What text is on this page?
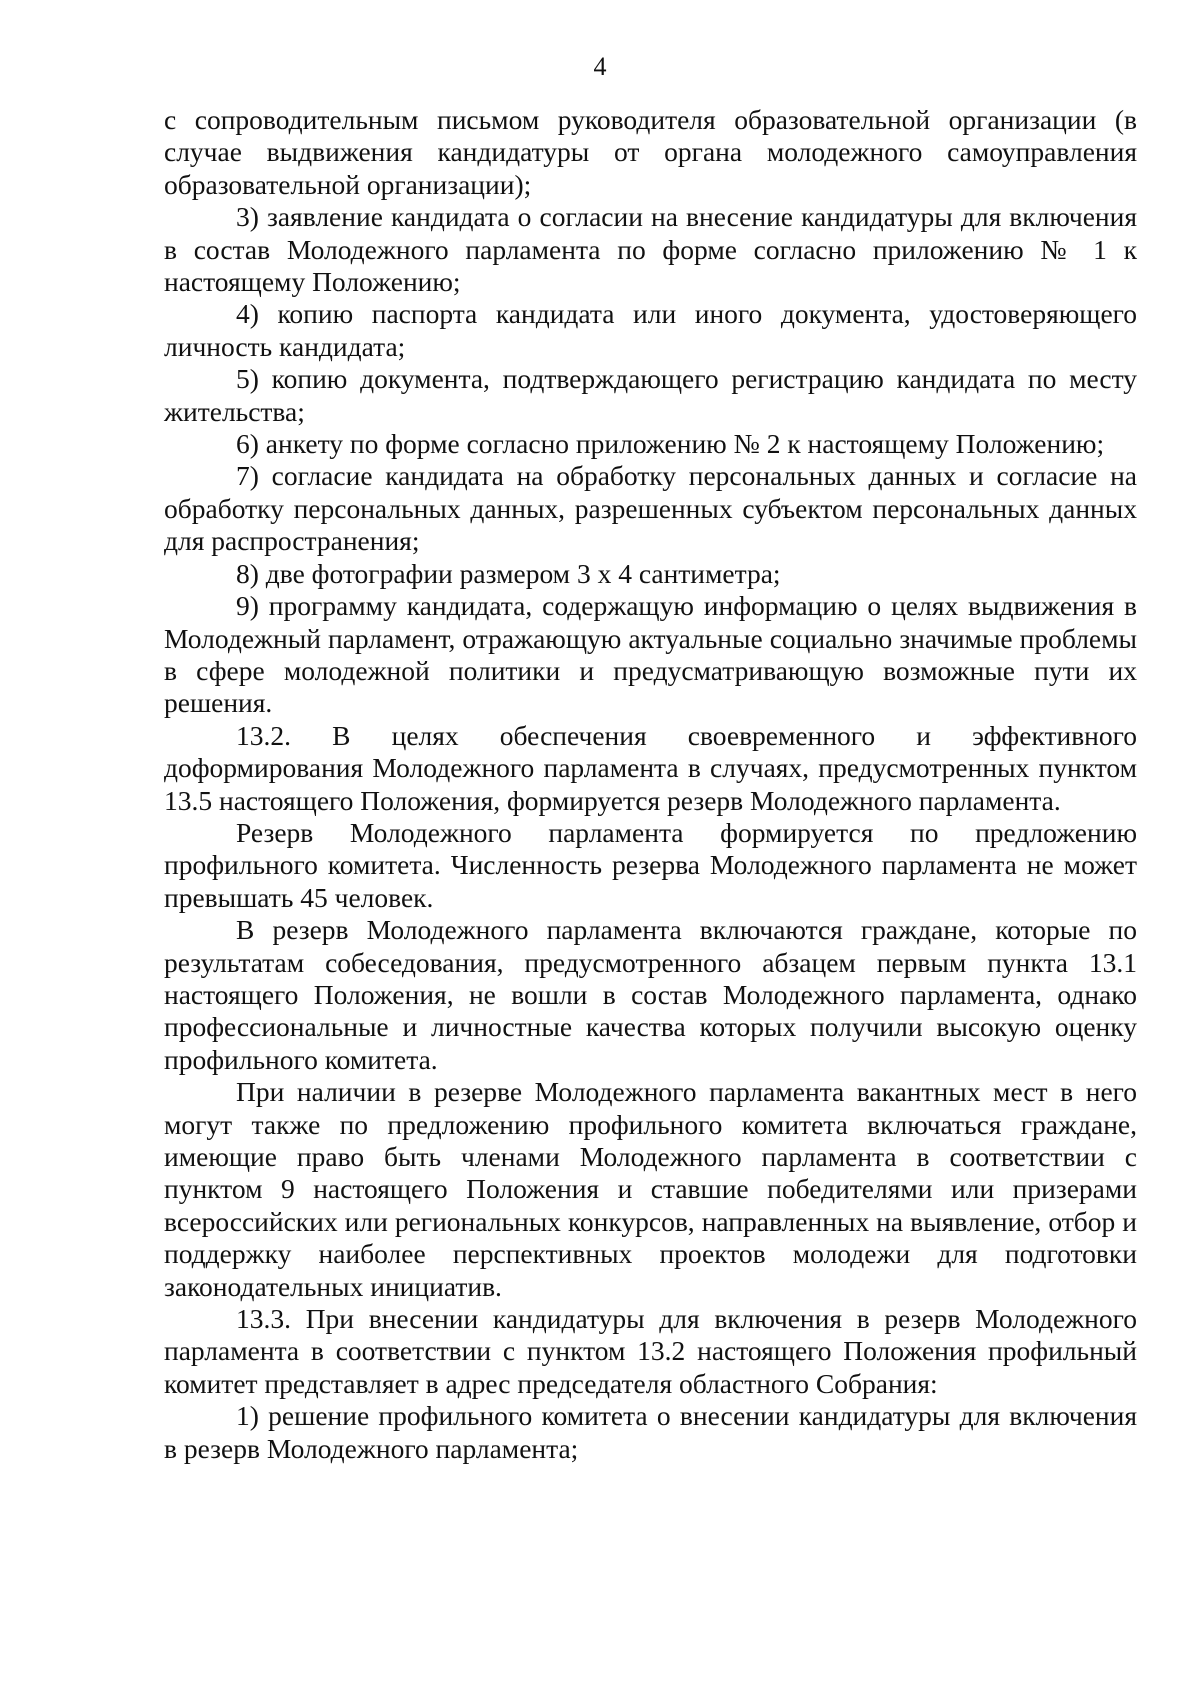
4

с сопроводительным письмом руководителя образовательной организации (в случае выдвижения кандидатуры от органа молодежного самоуправления образовательной организации);

3) заявление кандидата о согласии на внесение кандидатуры для включения в состав Молодежного парламента по форме согласно приложению № 1 к настоящему Положению;

4) копию паспорта кандидата или иного документа, удостоверяющего личность кандидата;

5) копию документа, подтверждающего регистрацию кандидата по месту жительства;

6) анкету по форме согласно приложению № 2 к настоящему Положению;

7) согласие кандидата на обработку персональных данных и согласие на обработку персональных данных, разрешенных субъектом персональных данных для распространения;

8) две фотографии размером 3 х 4 сантиметра;

9) программу кандидата, содержащую информацию о целях выдвижения в Молодежный парламент, отражающую актуальные социально значимые проблемы в сфере молодежной политики и предусматривающую возможные пути их решения.

13.2. В целях обеспечения своевременного и эффективного доформирования Молодежного парламента в случаях, предусмотренных пунктом 13.5 настоящего Положения, формируется резерв Молодежного парламента.

Резерв Молодежного парламента формируется по предложению профильного комитета. Численность резерва Молодежного парламента не может превышать 45 человек.

В резерв Молодежного парламента включаются граждане, которые по результатам собеседования, предусмотренного абзацем первым пункта 13.1 настоящего Положения, не вошли в состав Молодежного парламента, однако профессиональные и личностные качества которых получили высокую оценку профильного комитета.

При наличии в резерве Молодежного парламента вакантных мест в него могут также по предложению профильного комитета включаться граждане, имеющие право быть членами Молодежного парламента в соответствии с пунктом 9 настоящего Положения и ставшие победителями или призерами всероссийских или региональных конкурсов, направленных на выявление, отбор и поддержку наиболее перспективных проектов молодежи для подготовки законодательных инициатив.

13.3. При внесении кандидатуры для включения в резерв Молодежного парламента в соответствии с пунктом 13.2 настоящего Положения профильный комитет представляет в адрес председателя областного Собрания:

1) решение профильного комитета о внесении кандидатуры для включения в резерв Молодежного парламента;
